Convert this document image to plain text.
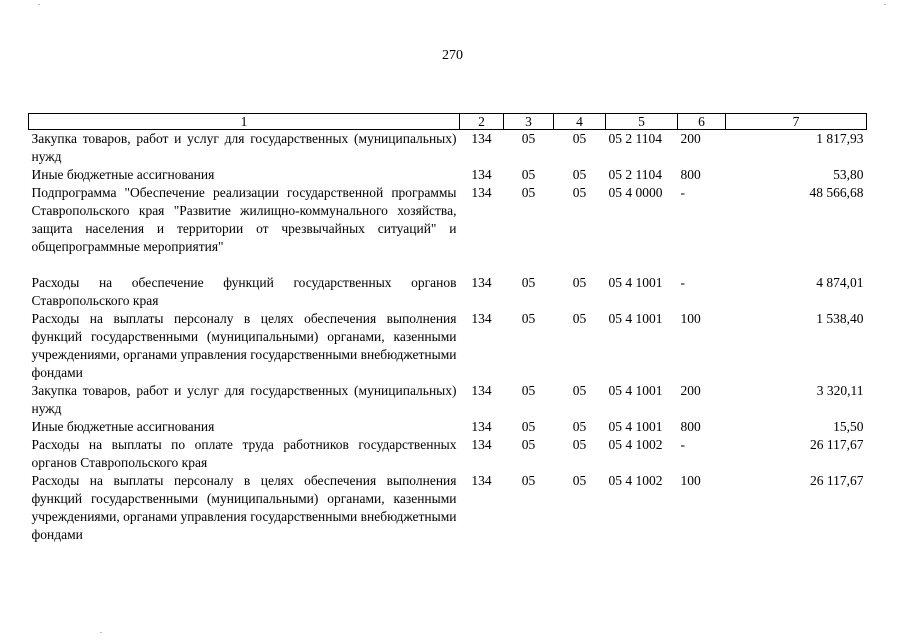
270
1	2	3	4	5	6	7
Закупка товаров, работ и услуг для государственных (муниципальных) нужд	134	05	05	05 2 1104	200	1 817,93
Иные бюджетные ассигнования	134	05	05	05 2 1104	800	53,80
Подпрограмма "Обеспечение реализации государственной программы Ставропольского края "Развитие жилищно-коммунального хозяйства, защита населения и территории от чрезвычайных ситуаций" и общепрограммные мероприятия"	134	05	05	05 4 0000	-	48 566,68

Расходы на обеспечение функций государственных органов Ставропольского края	134	05	05	05 4 1001	-	4 874,01
Расходы на выплаты персоналу в целях обеспечения выполнения функций государственными (муниципальными) органами, казенными учреждениями, органами управления государственными внебюджетными фондами	134	05	05	05 4 1001	100	1 538,40
Закупка товаров, работ и услуг для государственных (муниципальных) нужд	134	05	05	05 4 1001	200	3 320,11
Иные бюджетные ассигнования	134	05	05	05 4 1001	800	15,50
Расходы на выплаты по оплате труда работников государственных органов Ставропольского края	134	05	05	05 4 1002	-	26 117,67
Расходы на выплаты персоналу в целях обеспечения выполнения функций государственными (муниципальными) органами, казенными учреждениями, органами управления государственными внебюджетными фондами	134	05	05	05 4 1002	100	26 117,67
